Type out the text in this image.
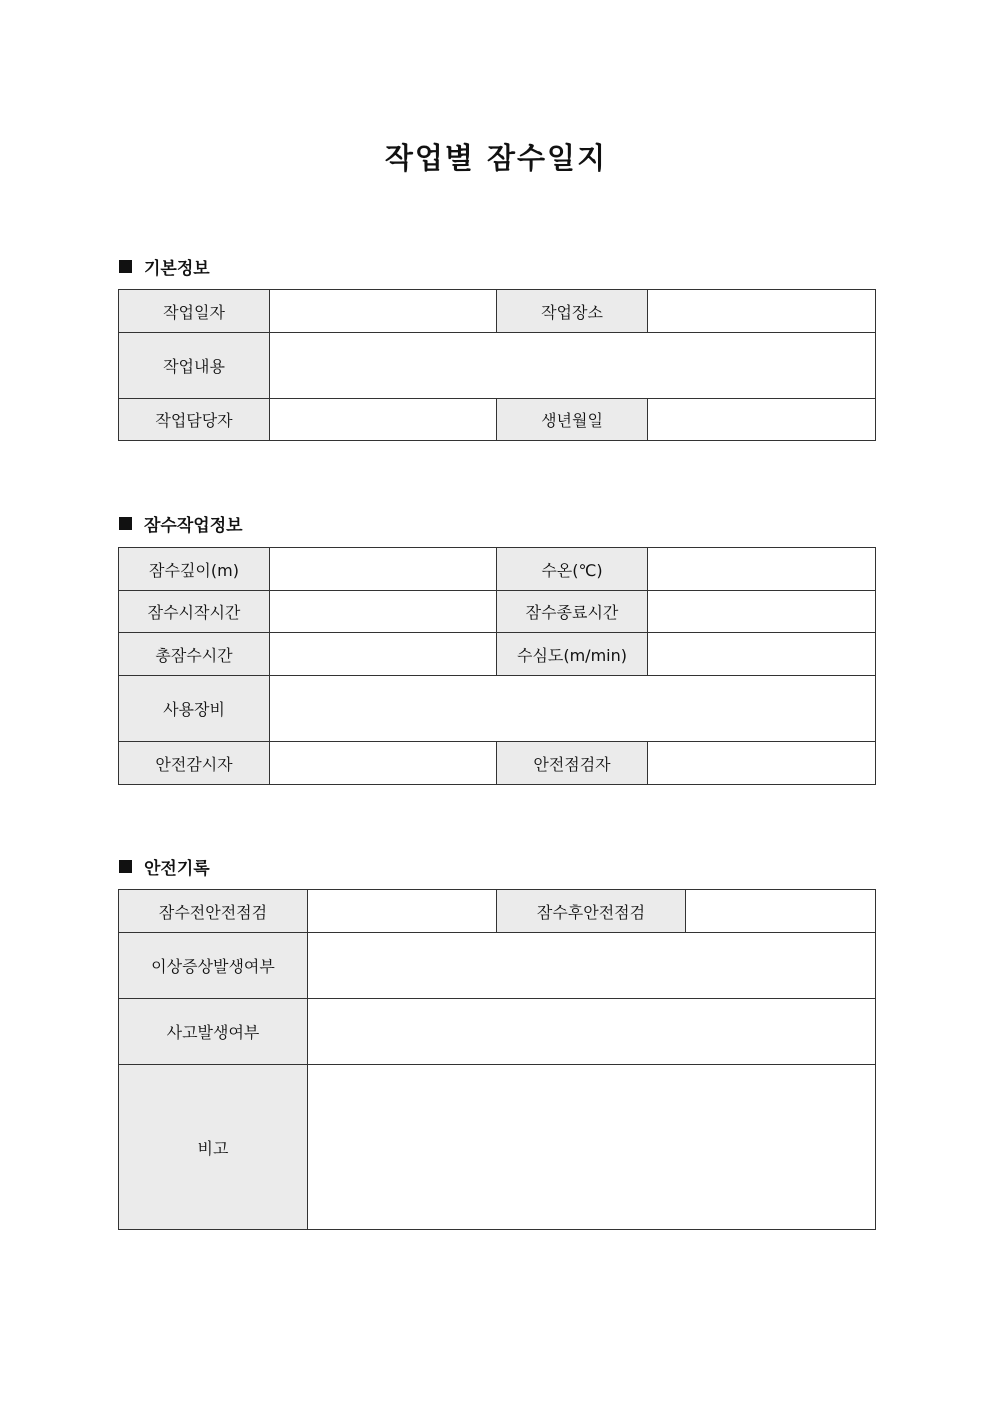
작업별 잠수일지
기본정보
작업일자		작업장소	
작업내용			
작업담당자		생년월일	
잠수작업정보
잠수깊이(m)		수온(℃)	
잠수시작시간		잠수종료시간	
총잠수시간		수심도(m/min)	
사용장비			
안전감시자		안전점검자	
안전기록
잠수전안전점검		잠수후안전점검	
이상증상발생여부			
사고발생여부			
비고			
